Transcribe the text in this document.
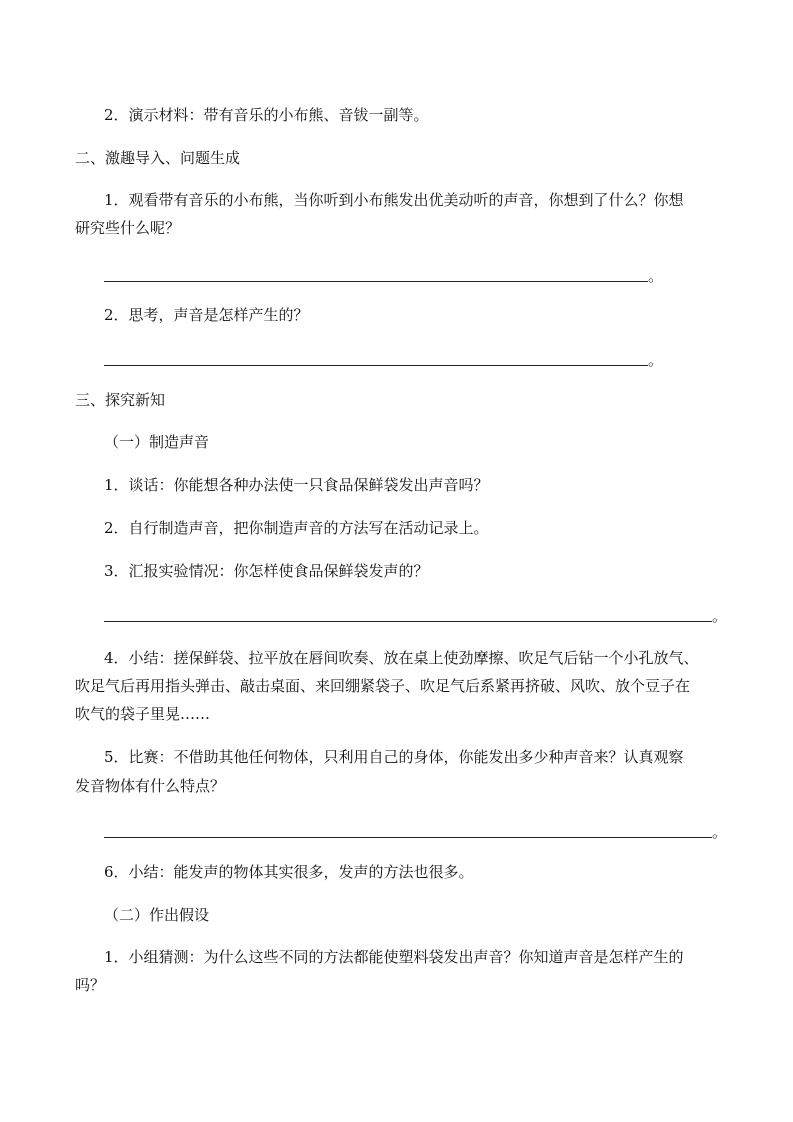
2．演示材料：带有音乐的小布熊、音钹一副等。
二、激趣导入、问题生成
1．观看带有音乐的小布熊，当你听到小布熊发出优美动听的声音，你想到了什么？你想
研究些什么呢？
。
2．思考，声音是怎样产生的？
。
三、探究新知
（一）制造声音
1．谈话：你能想各种办法使一只食品保鲜袋发出声音吗？
2．自行制造声音，把你制造声音的方法写在活动记录上。
3．汇报实验情况：你怎样使食品保鲜袋发声的？
。
4．小结：搓保鲜袋、拉平放在唇间吹奏、放在桌上使劲摩擦、吹足气后钻一个小孔放气、
吹足气后再用指头弹击、敲击桌面、来回绷紧袋子、吹足气后系紧再挤破、风吹、放个豆子在
吹气的袋子里晃……
5．比赛：不借助其他任何物体，只利用自己的身体，你能发出多少种声音来？认真观察
发音物体有什么特点？
。
6．小结：能发声的物体其实很多，发声的方法也很多。
（二）作出假设
1．小组猜测：为什么这些不同的方法都能使塑料袋发出声音？你知道声音是怎样产生的
吗？
